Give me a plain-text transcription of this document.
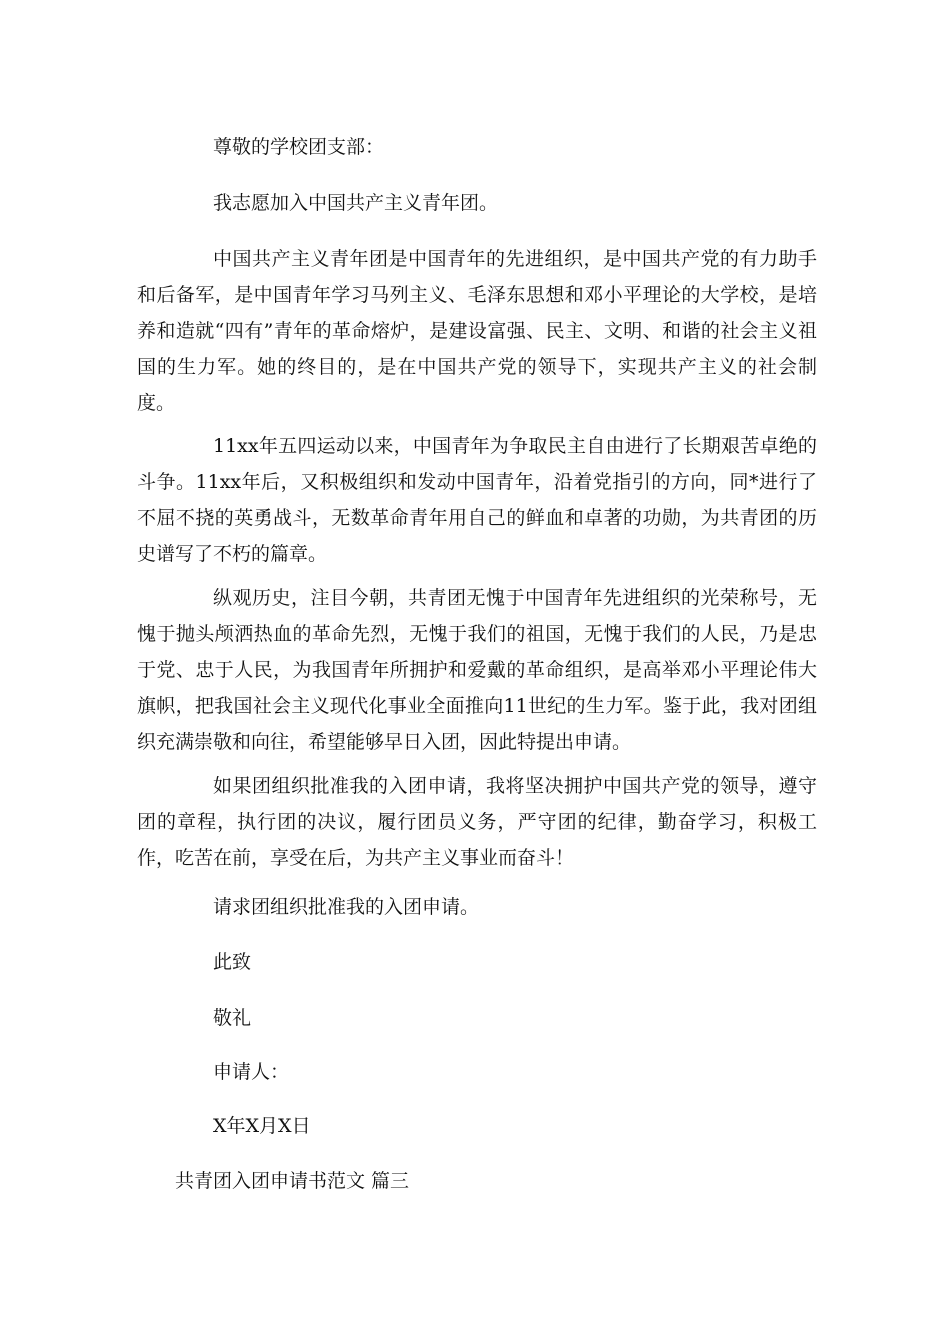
尊敬的学校团支部：
我志愿加入中国共产主义青年团。
中国共产主义青年团是中国青年的先进组织，是中国共产党的有力助手和后备军，是中国青年学习马列主义、毛泽东思想和邓小平理论的大学校，是培养和造就“四有”青年的革命熔炉，是建设富强、民主、文明、和谐的社会主义祖国的生力军。她的终目的，是在中国共产党的领导下，实现共产主义的社会制度。
11xx年五四运动以来，中国青年为争取民主自由进行了长期艰苦卓绝的斗争。11xx年后，又积极组织和发动中国青年，沿着党指引的方向，同*进行了不屈不挠的英勇战斗，无数革命青年用自己的鲜血和卓著的功勋，为共青团的历史谱写了不朽的篇章。
纵观历史，注目今朝，共青团无愧于中国青年先进组织的光荣称号，无愧于抛头颅洒热血的革命先烈，无愧于我们的祖国，无愧于我们的人民，乃是忠于党、忠于人民，为我国青年所拥护和爱戴的革命组织，是高举邓小平理论伟大旗帜，把我国社会主义现代化事业全面推向11世纪的生力军。鉴于此，我对团组织充满崇敬和向往，希望能够早日入团，因此特提出申请。
如果团组织批准我的入团申请，我将坚决拥护中国共产党的领导，遵守团的章程，执行团的决议，履行团员义务，严守团的纪律，勤奋学习，积极工作，吃苦在前，享受在后，为共产主义事业而奋斗！
请求团组织批准我的入团申请。
此致
敬礼
申请人：
X年X月X日
共青团入团申请书范文 篇三
